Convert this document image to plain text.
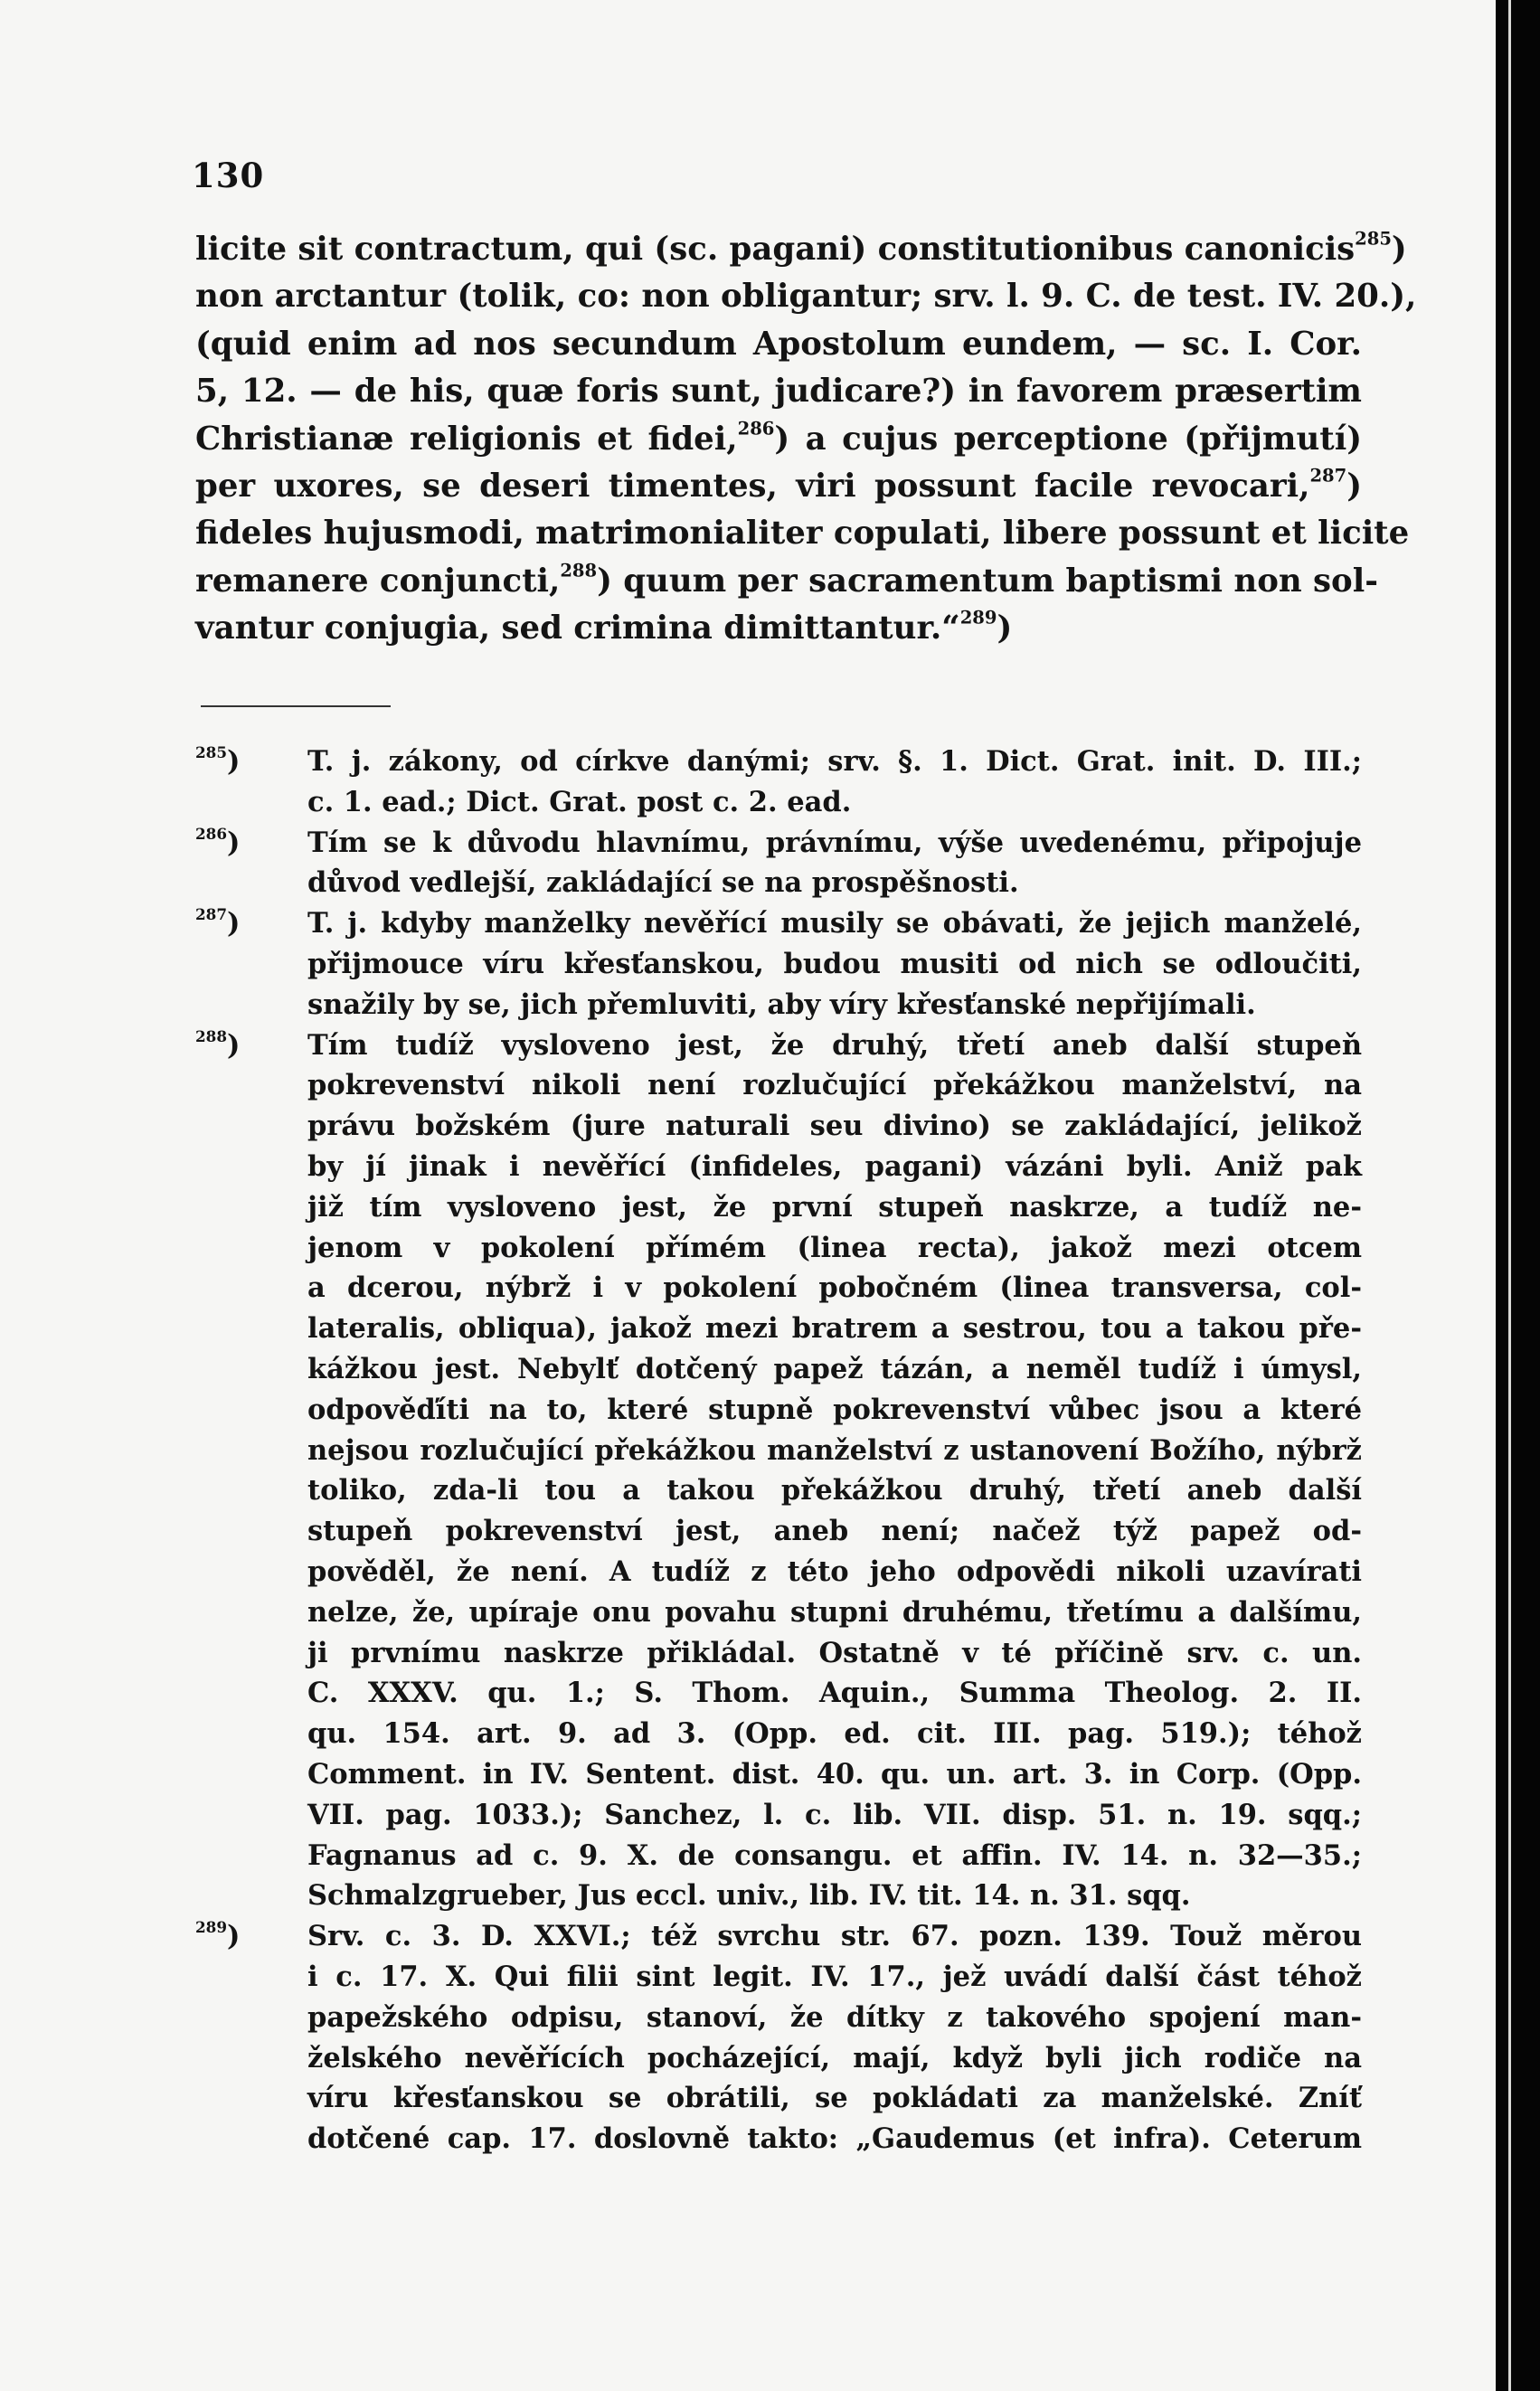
130
licite sit contractum, qui (sc. pagani) constitutionibus canonicis$^{285}$)
non arctantur (tolik, co: non obligantur; srv. l. 9. C. de test. IV. 20.),
(quid enim ad nos secundum Apostolum eundem, — sc. I. Cor.
5, 12. — de his, quæ foris sunt, judicare?) in favorem præsertim
Christianæ religionis et fidei,$^{286}$) a cujus perceptione (přijmutí)
per uxores, se deseri timentes, viri possunt facile revocari,$^{287}$)
fideles hujusmodi, matrimonialiter copulati, libere possunt et licite
remanere conjuncti,$^{288}$) quum per sacramentum baptismi non sol-
vantur conjugia, sed crimina dimittantur.“$^{289}$)
$^{285}$)	T. j. zákony, od církve danými; srv. §. 1. Dict. Grat. init. D. III.;
c. 1. ead.; Dict. Grat. post c. 2. ead.
$^{286}$)	Tím se k důvodu hlavnímu, právnímu, výše uvedenému, připojuje
důvod vedlejší, zakládající se na prospěšnosti.
$^{287}$)	T. j. kdyby manželky nevěřící musily se obávati, že jejich manželé,
přijmouce víru křesťanskou, budou musiti od nich se odloučiti,
snažily by se, jich přemluviti, aby víry křesťanské nepřijímali.
$^{288}$)	Tím tudíž vysloveno jest, že druhý, třetí aneb další stupeň
pokrevenství nikoli není rozlučující překážkou manželství, na
právu božském (jure naturali seu divino) se zakládající, jelikož
by jí jinak i nevěřící (infideles, pagani) vázáni byli. Aniž pak
již tím vysloveno jest, že první stupeň naskrze, a tudíž ne-
jenom v pokolení přímém (linea recta), jakož mezi otcem
a dcerou, nýbrž i v pokolení pobočném (linea transversa, col-
lateralis, obliqua), jakož mezi bratrem a sestrou, tou a takou pře-
kážkou jest. Nebylť dotčený papež tázán, a neměl tudíž i úmysl,
odpověďíti na to, které stupně pokrevenství vůbec jsou a které
nejsou rozlučující překážkou manželství z ustanovení Božího, nýbrž
toliko, zda-li tou a takou překážkou druhý, třetí aneb další
stupeň pokrevenství jest, aneb není; načež týž papež od-
pověděl, že není. A tudíž z této jeho odpovědi nikoli uzavírati
nelze, že, upíraje onu povahu stupni druhému, třetímu a dalšímu,
ji prvnímu naskrze přikládal. Ostatně v té příčině srv. c. un.
C. XXXV. qu. 1.; S. Thom. Aquin., Summa Theolog. 2. II.
qu. 154. art. 9. ad 3. (Opp. ed. cit. III. pag. 519.); téhož
Comment. in IV. Sentent. dist. 40. qu. un. art. 3. in Corp. (Opp.
VII. pag. 1033.); Sanchez, l. c. lib. VII. disp. 51. n. 19. sqq.;
Fagnanus ad c. 9. X. de consangu. et affin. IV. 14. n. 32—35.;
Schmalzgrueber, Jus eccl. univ., lib. IV. tit. 14. n. 31. sqq.
$^{289}$)	Srv. c. 3. D. XXVI.; též svrchu str. 67. pozn. 139. Touž měrou
i c. 17. X. Qui filii sint legit. IV. 17., jež uvádí další část téhož
papežského odpisu, stanoví, že dítky z takového spojení man-
želského nevěřících pocházející, mají, když byli jich rodiče na
víru křesťanskou se obrátili, se pokládati za manželské. Zníť
dotčené cap. 17. doslovně takto: „Gaudemus (et infra). Ceterum
